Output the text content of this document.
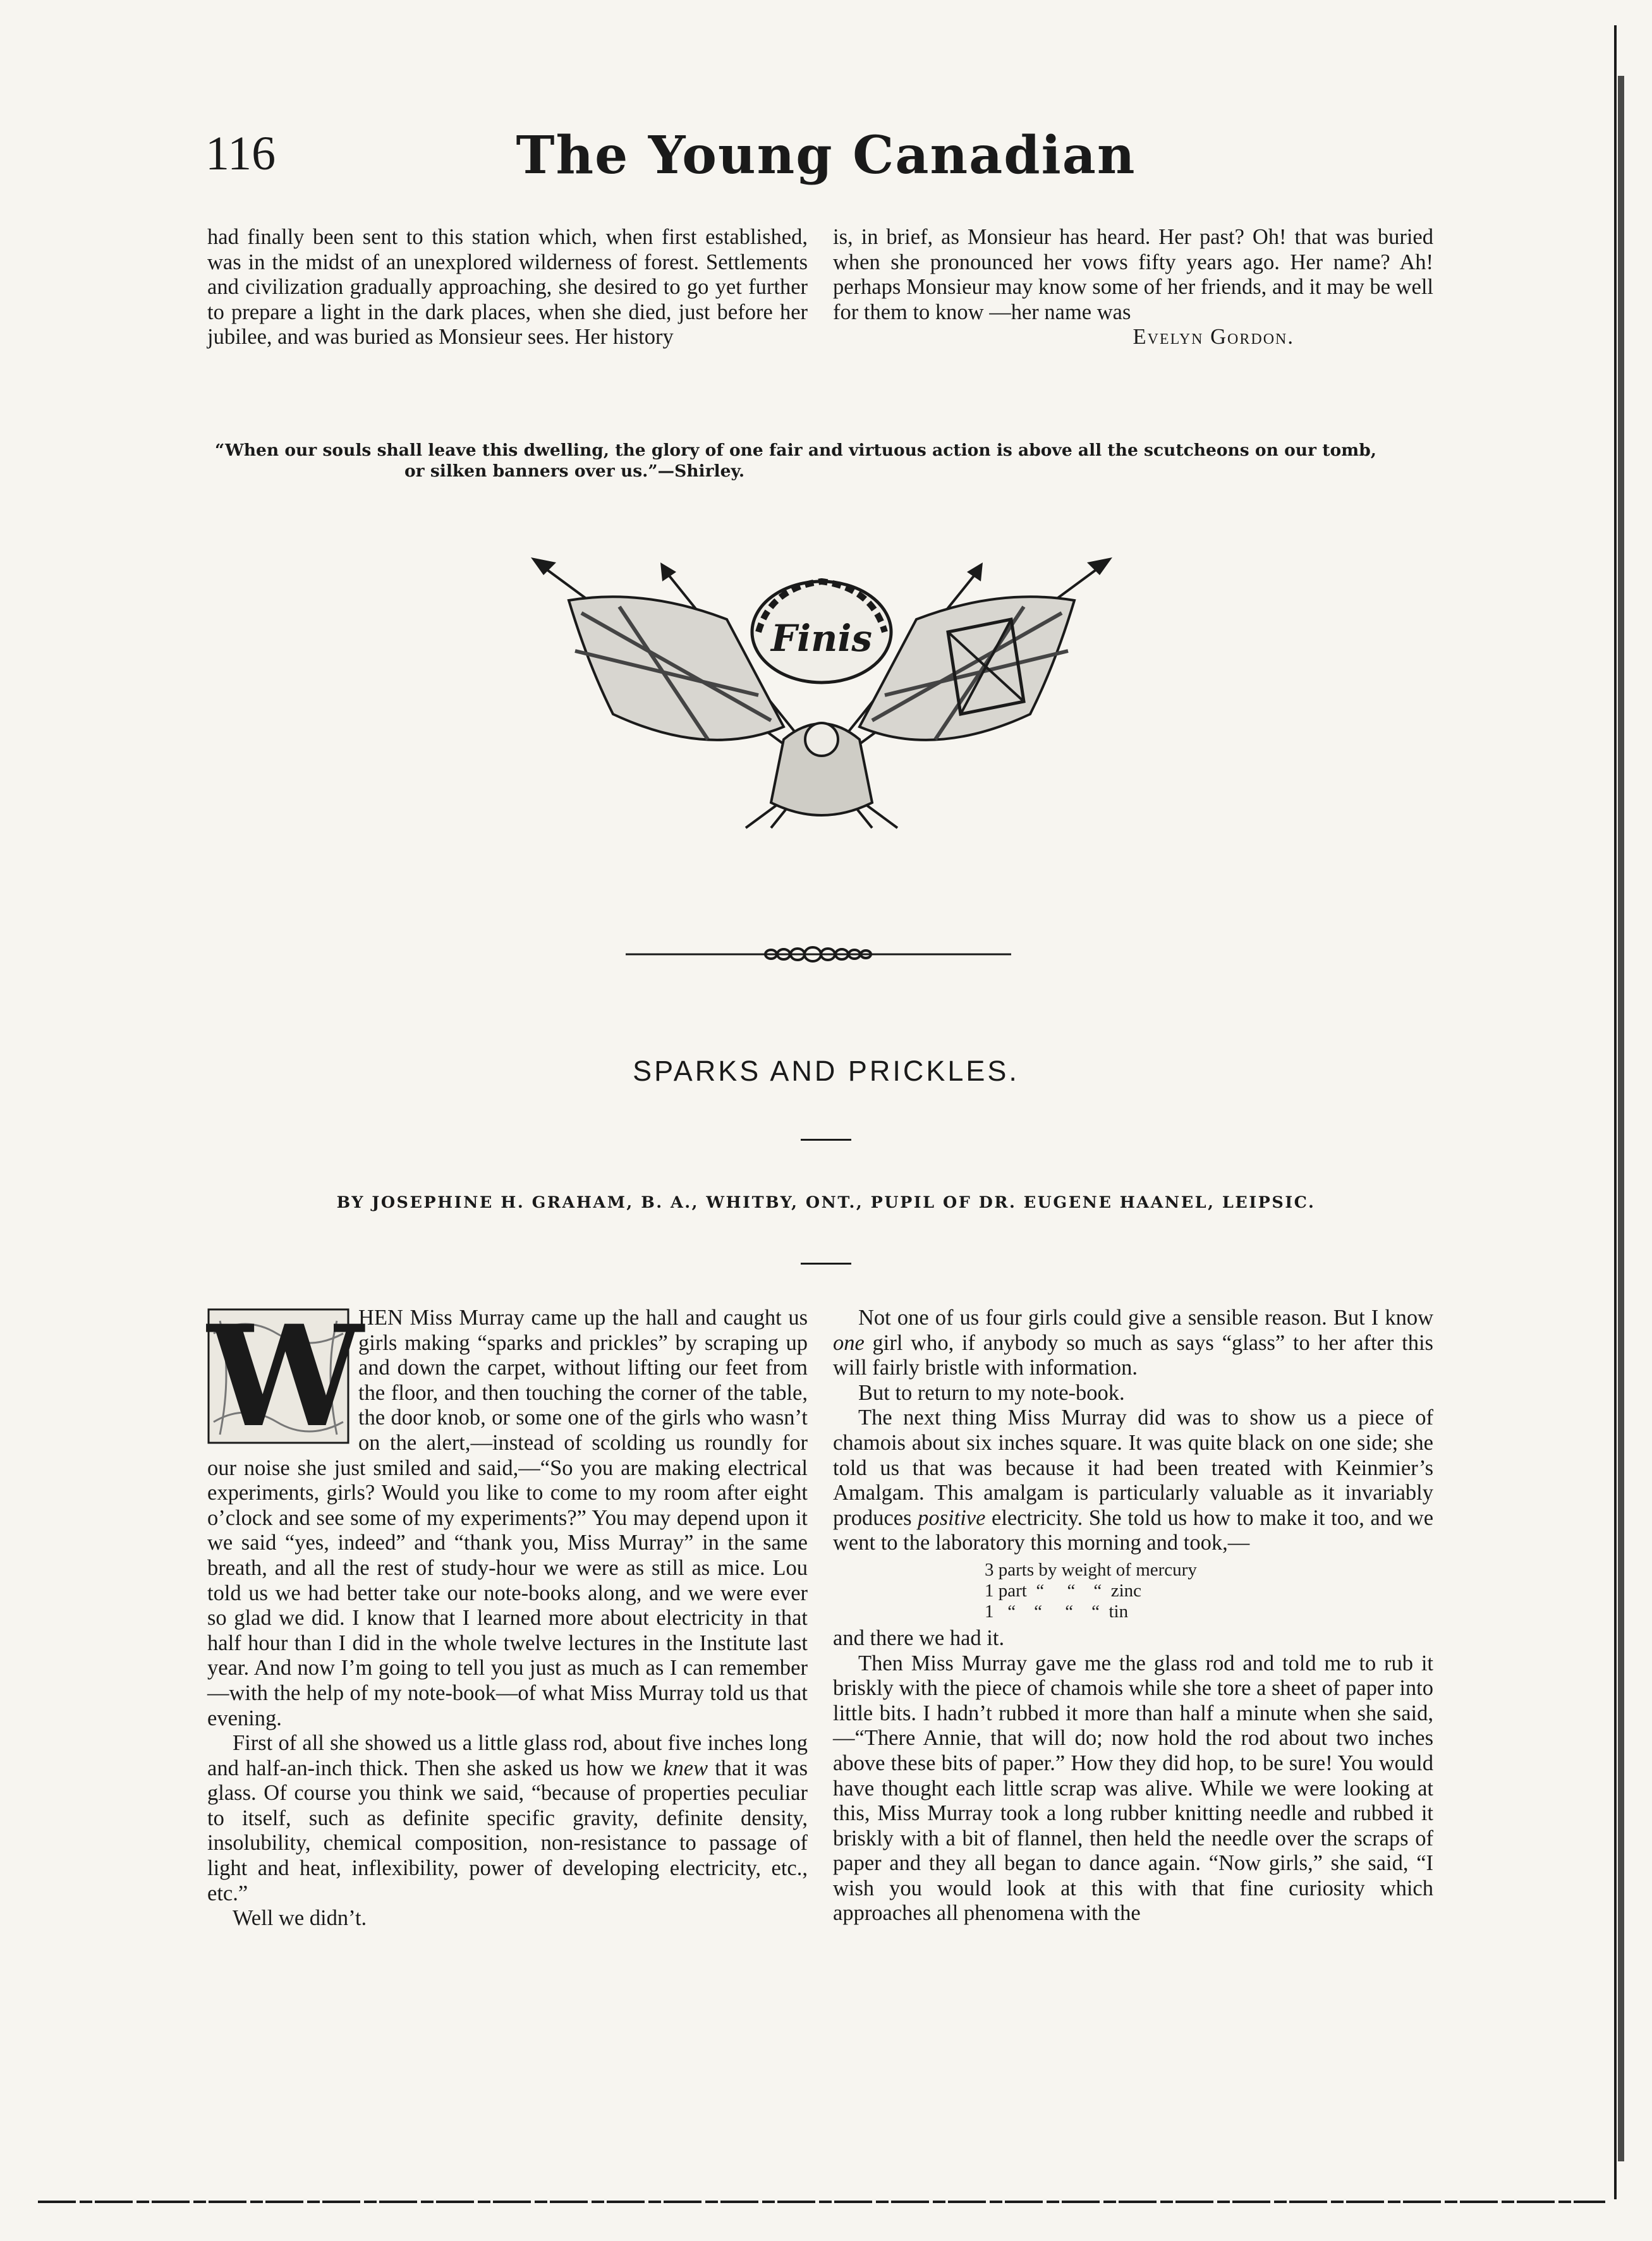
116	The Young Canadian

had finally been sent to this station which, when first established, was in the midst of an unexplored wilderness of forest. Settlements and civilization gradually approaching, she desired to go yet further to prepare a light in the dark places, when she died, just before her jubilee, and was buried as Monsieur sees. Her history

is, in brief, as Monsieur has heard. Her past? Oh! that was buried when she pronounced her vows fifty years ago. Her name? Ah! perhaps Monsieur may know some of her friends, and it may be well for them to know —her name was

Evelyn Gordon.

“When our souls shall leave this dwelling, the glory of one fair and virtuous action is above all the scutcheons on our tomb,
or silken banners over us.”—Shirley.
Finis
SPARKS AND PRICKLES.
BY JOSEPHINE H. GRAHAM, B. A., WHITBY, ONT., PUPIL OF DR. EUGENE HAANEL, LEIPSIC.
W

HEN Miss Murray came up the hall and caught us girls making “sparks and prickles” by scraping up and down the carpet, without lifting our feet from the floor, and then touching the corner of the table, the door knob, or some one of the girls who wasn’t on the alert,—instead of scolding us roundly for our noise she just smiled and said,—“So you are making electrical experiments, girls? Would you like to come to my room after eight o’clock and see some of my experiments?” You may depend upon it we said “yes, indeed” and “thank you, Miss Murray” in the same breath, and all the rest of study-hour we were as still as mice. Lou told us we had better take our note-books along, and we were ever so glad we did. I know that I learned more about electricity in that half hour than I did in the whole twelve lectures in the Institute last year. And now I’m going to tell you just as much as I can remember—with the help of my note-book—of what Miss Murray told us that evening.

First of all she showed us a little glass rod, about five inches long and half-an-inch thick. Then she asked us how we knew that it was glass. Of course you think we said, “because of properties peculiar to itself, such as definite specific gravity, definite density, insolubility, chemical composition, non-resistance to passage of light and heat, inflexibility, power of developing electricity, etc., etc.”

Well we didn’t.

Not one of us four girls could give a sensible reason. But I know one girl who, if anybody so much as says “glass” to her after this will fairly bristle with information.

But to return to my note-book.

The next thing Miss Murray did was to show us a piece of chamois about six inches square. It was quite black on one side; she told us that was because it had been treated with Keinmier’s Amalgam. This amalgam is particularly valuable as it invariably produces positive electricity. She told us how to make it too, and we went to the laboratory this morning and took,—

3 parts by weight of mercury
1 part  “     “    “  zinc
1   “    “     “    “  tin

and there we had it.

Then Miss Murray gave me the glass rod and told me to rub it briskly with the piece of chamois while she tore a sheet of paper into little bits. I hadn’t rubbed it more than half a minute when she said,—“There Annie, that will do; now hold the rod about two inches above these bits of paper.” How they did hop, to be sure! You would have thought each little scrap was alive. While we were looking at this, Miss Murray took a long rubber knitting needle and rubbed it briskly with a bit of flannel, then held the needle over the scraps of paper and they all began to dance again. “Now girls,” she said, “I wish you would look at this with that fine curiosity which approaches all phenomena with the
